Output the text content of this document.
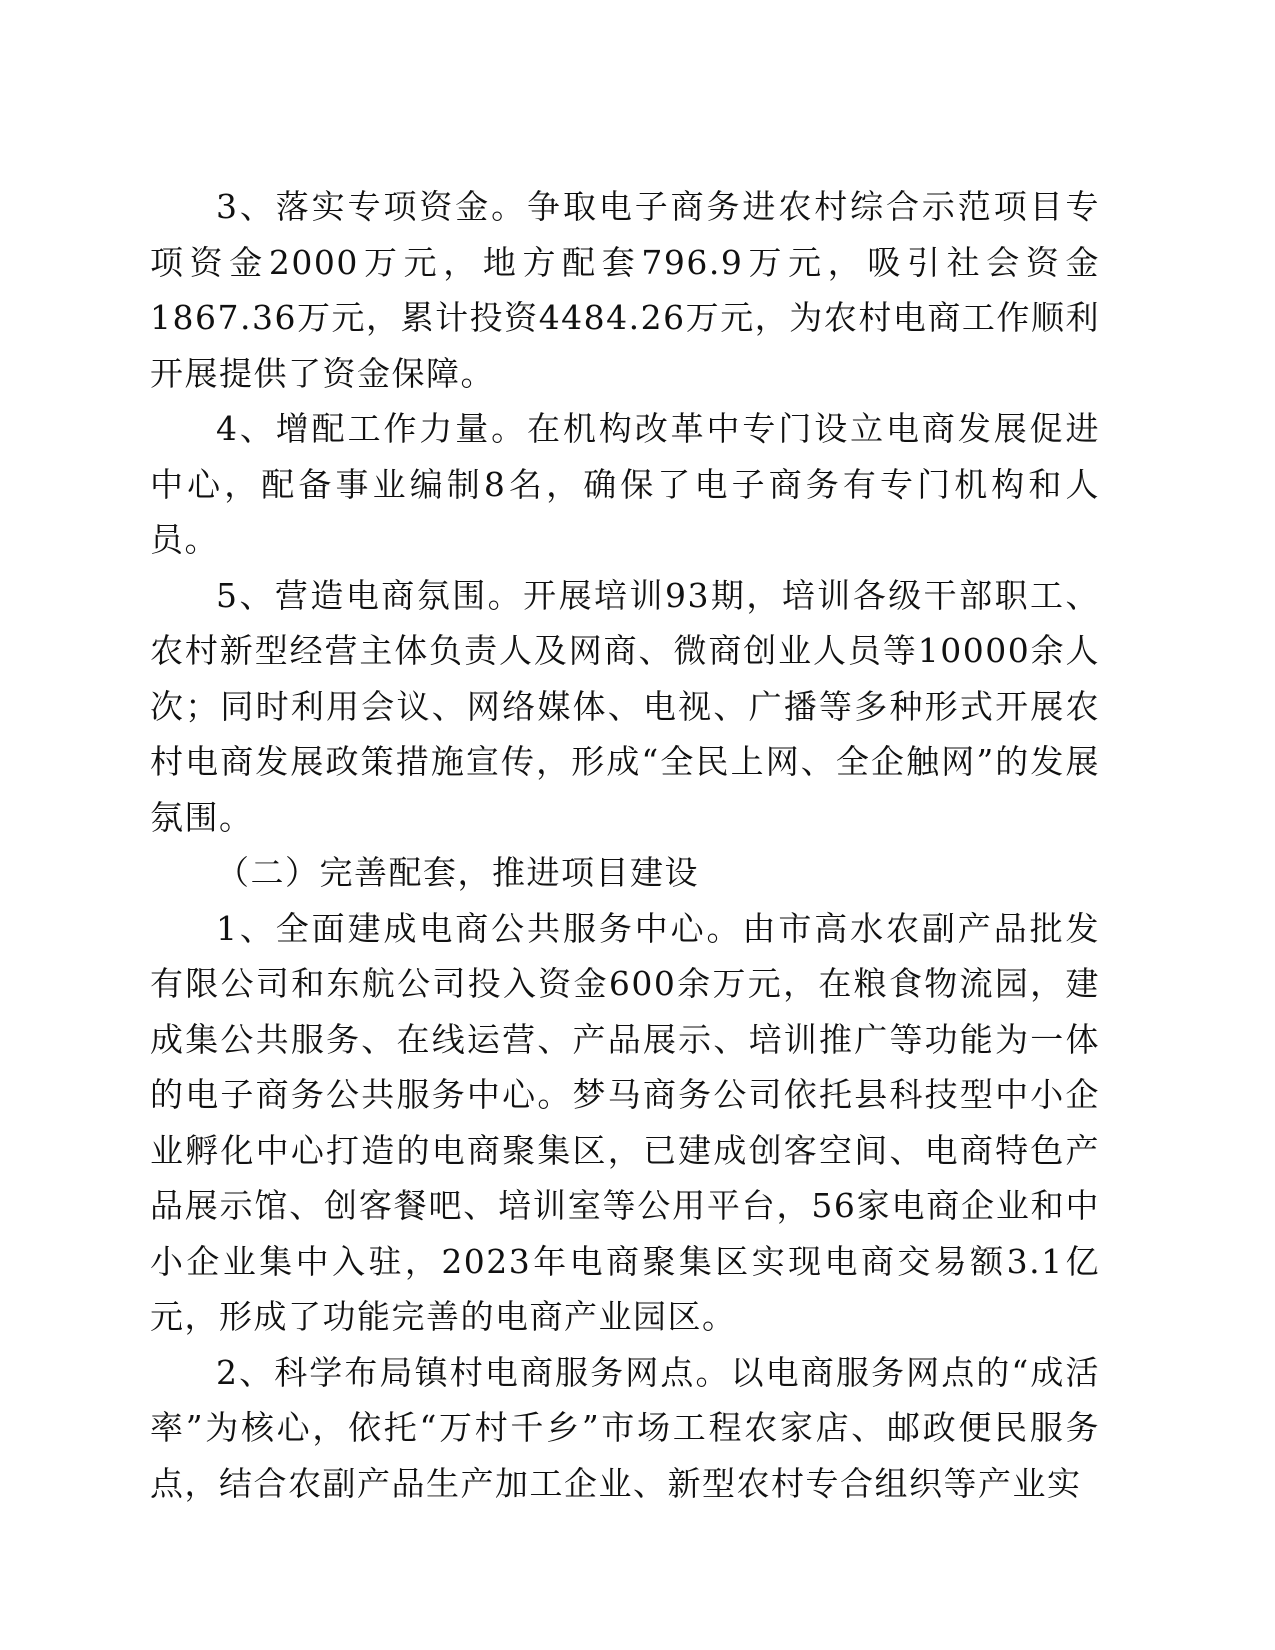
3、落实专项资金。争取电子商务进农村综合示范项目专项资金2000万元，地方配套796.9万元，吸引社会资金1867.36万元，累计投资4484.26万元，为农村电商工作顺利开展提供了资金保障。

4、增配工作力量。在机构改革中专门设立电商发展促进中心，配备事业编制8名，确保了电子商务有专门机构和人员。

5、营造电商氛围。开展培训93期，培训各级干部职工、农村新型经营主体负责人及网商、微商创业人员等10000余人次；同时利用会议、网络媒体、电视、广播等多种形式开展农村电商发展政策措施宣传，形成“全民上网、全企触网”的发展氛围。

（二）完善配套，推进项目建设

1、全面建成电商公共服务中心。由市高水农副产品批发有限公司和东航公司投入资金600余万元，在粮食物流园，建成集公共服务、在线运营、产品展示、培训推广等功能为一体的电子商务公共服务中心。梦马商务公司依托县科技型中小企业孵化中心打造的电商聚集区，已建成创客空间、电商特色产品展示馆、创客餐吧、培训室等公用平台，56家电商企业和中小企业集中入驻，2023年电商聚集区实现电商交易额3.1亿元，形成了功能完善的电商产业园区。

2、科学布局镇村电商服务网点。以电商服务网点的“成活率”为核心，依托“万村千乡”市场工程农家店、邮政便民服务点，结合农副产品生产加工企业、新型农村专合组织等产业实
